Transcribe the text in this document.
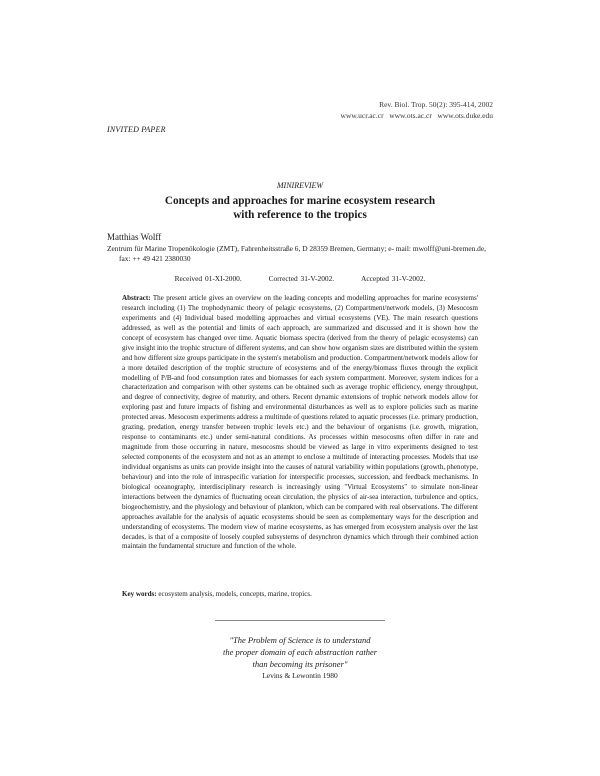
Rev. Biol. Trop. 50(2): 395-414, 2002
www.ucr.ac.cr   www.ots.ac.cr   www.ots.duke.edu
INVITED PAPER
MINIREVIEW
Concepts and approaches for marine ecosystem research
with reference to the tropics
Matthias Wolff
Zentrum für Marine Tropenökologie (ZMT), Fahrenheitsstraße 6, D 28359 Bremen, Germany; e- mail: mwolff@uni-bremen.de,
fax: ++ 49 421 2380030
Received 01-XI-2000.	Corrected 31-V-2002.	Accepted 31-V-2002.
Abstract: The present article gives an overview on the leading concepts and modelling approaches for marine ecosystems' research including (1) The trophodynamic theory of pelagic ecosystems, (2) Compartment/network models, (3) Mesocosm experiments and (4) Individual based modelling approaches and virtual ecosystems (VE). The main research questions addressed, as well as the potential and limits of each approach, are summarized and discussed and it is shown how the concept of ecosystem has changed over time. Aquatic biomass spectra (derived from the theory of pelagic ecosystems) can give insight into the trophic structure of different systems, and can show how organism sizes are distributed within the system and how different size groups participate in the system's metabolism and production. Compartment/network models allow for a more detailed description of the trophic structure of ecosystems and of the energy/biomass fluxes through the explicit modelling of P/B-and food consumption rates and biomasses for each system compartment. Moreover, system indices for a characterization and comparison with other systems can be obtained such as average trophic efficiency, energy throughput, and degree of connectivity, degree of maturity, and others. Recent dynamic extensions of trophic network models allow for exploring past and future impacts of fishing and environmental disturbances as well as to explore policies such as marine protected areas. Mesocosm experiments address a multitude of questions related to aquatic processes (i.e. primary production, grazing, predation, energy transfer between trophic levels etc.) and the behaviour of organisms (i.e. growth, migration, response to contaminants etc.) under semi-natural conditions. As processes within mesocosms often differ in rate and magnitude from those occurring in nature, mesocosms should be viewed as large in vitro experiments designed to test selected components of the ecosystem and not as an attempt to enclose a multitude of interacting processes. Models that use individual organisms as units can provide insight into the causes of natural variability within populations (growth, phenotype, behaviour) and into the role of intraspecific variation for interspecific processes, succession, and feedback mechanisms. In biological oceanography, interdisciplinary research is increasingly using "Virtual Ecosystems" to simulate non-linear interactions between the dynamics of fluctuating ocean circulation, the physics of air-sea interaction, turbulence and optics, biogeochemistry, and the physiology and behaviour of plankton, which can be compared with real observations. The different approaches available for the analysis of aquatic ecosystems should be seen as complementary ways for the description and understanding of ecosystems. The modern view of marine ecosystems, as has emerged from ecosystem analysis over the last decades, is that of a composite of loosely coupled subsystems of desynchron dynamics which through their combined action maintain the fundamental structure and function of the whole.
Key words: ecosystem analysis, models, concepts, marine, tropics.
"The Problem of Science is to understand
the proper domain of each abstraction rather
than becoming its prisoner"
Levins & Lewontin 1980
